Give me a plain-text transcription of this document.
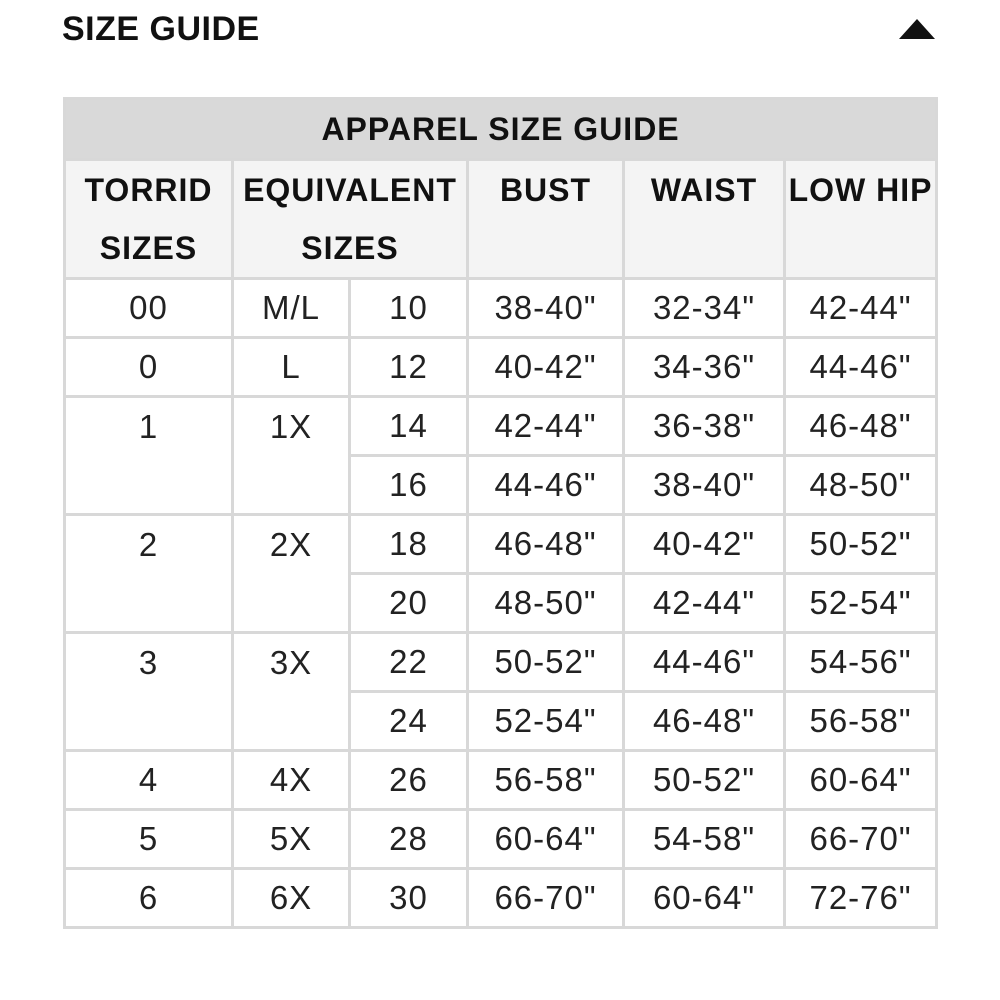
SIZE GUIDE
APPAREL SIZE GUIDE					
TORRID SIZES	EQUIVALENT SIZES		BUST	WAIST	LOW HIP
00	M/L	10	38-40"	32-34"	42-44"
0	L	12	40-42"	34-36"	44-46"
1	1X	14	42-44"	36-38"	46-48"
		16	44-46"	38-40"	48-50"
2	2X	18	46-48"	40-42"	50-52"
		20	48-50"	42-44"	52-54"
3	3X	22	50-52"	44-46"	54-56"
		24	52-54"	46-48"	56-58"
4	4X	26	56-58"	50-52"	60-64"
5	5X	28	60-64"	54-58"	66-70"
6	6X	30	66-70"	60-64"	72-76"
